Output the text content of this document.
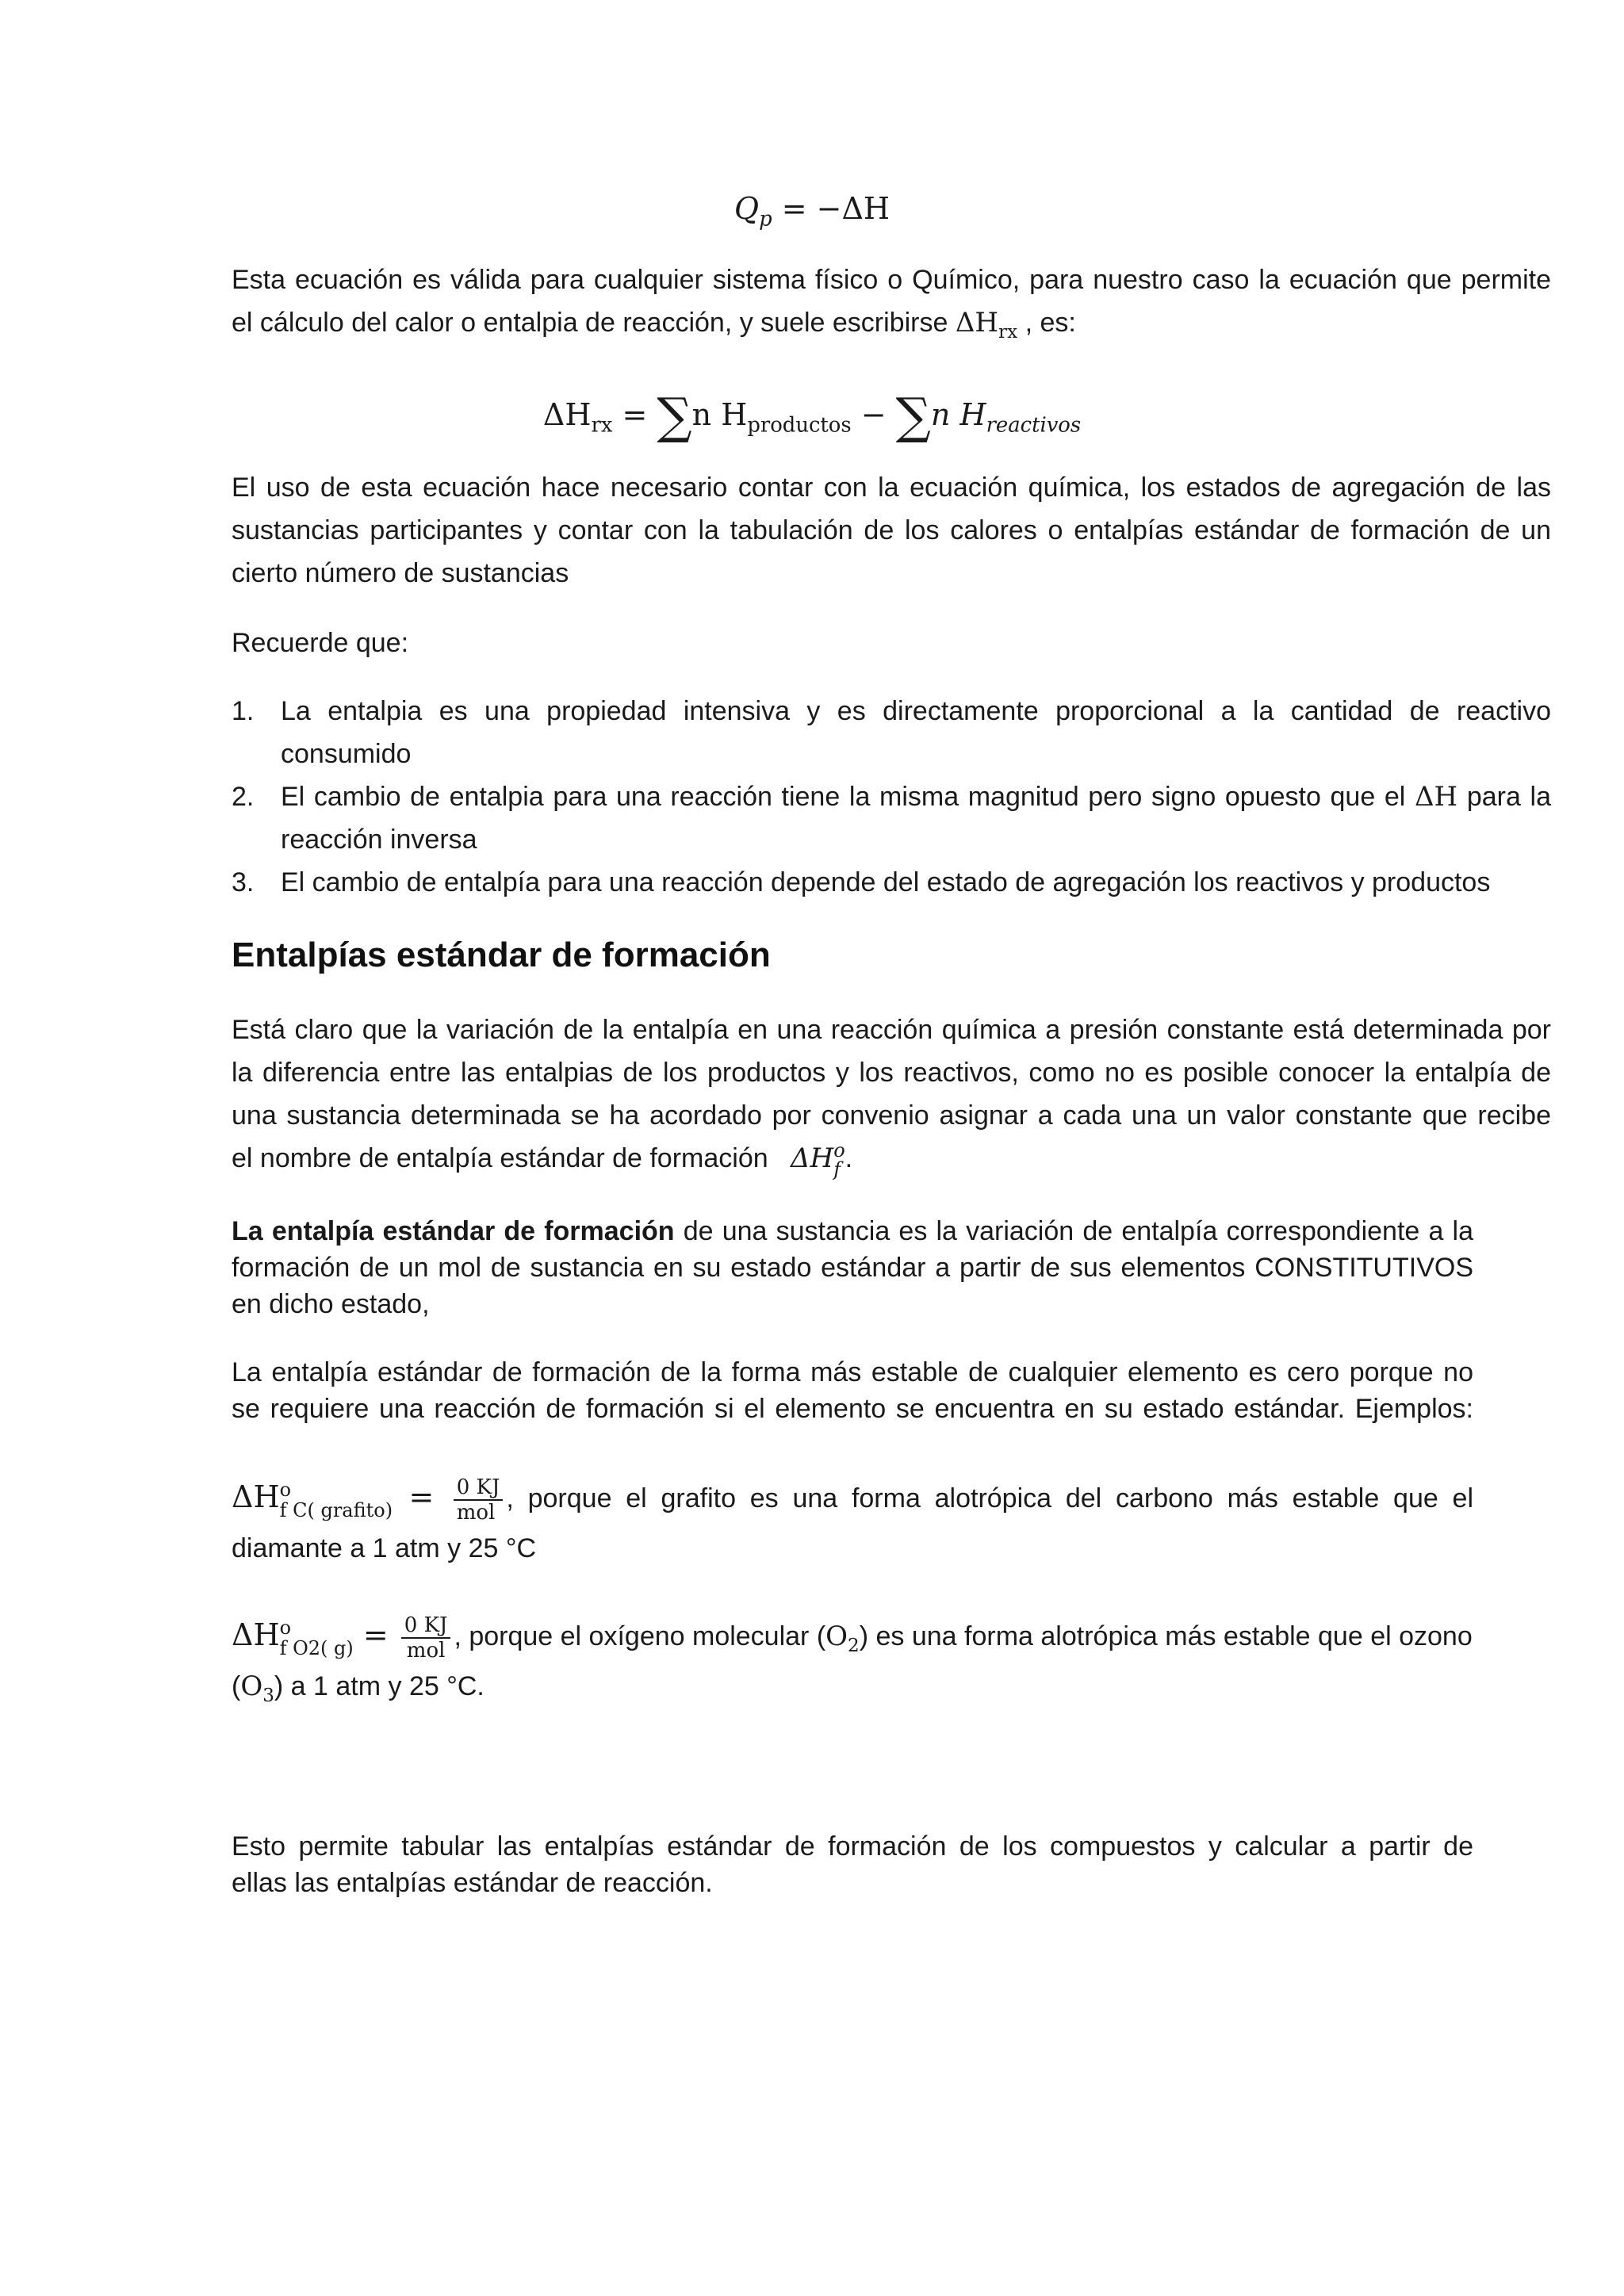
$Q_p = -\Delta H$
Esta ecuación es válida para cualquier sistema físico o Químico, para nuestro caso la ecuación que permite
el cálculo del calor o entalpia de reacción, y suele escribirse $\Delta H_{rx}$ , es:
$\Delta H_{rx} = \sum n$ $H_{productos} - \sum n$ $H_{reactivos}$
El uso de esta ecuación hace necesario contar con la ecuación química, los estados de agregación de las
sustancias participantes y contar con la tabulación de los calores o entalpías estándar de formación de un
cierto número de sustancias
Recuerde que:
1. La entalpia es una propiedad intensiva y es directamente proporcional a la cantidad de reactivo consumido
2. El cambio de entalpia para una reacción tiene la misma magnitud pero signo opuesto que el ΔH para la reacción inversa
3. El cambio de entalpía para una reacción depende del estado de agregación los reactivos y productos
Entalpías estándar de formación
Está claro que la variación de la entalpía en una reacción química a presión constante está determinada por
la diferencia entre las entalpias de los productos y los reactivos, como no es posible conocer la entalpía de
una sustancia determinada se ha acordado por convenio asignar a cada una un valor constante que recibe
el nombre de entalpía estándar de formación ΔH o
f .
La entalpía estándar de formación de una sustancia es la variación de entalpía correspondiente a la
formación de un mol de sustancia en su estado estándar a partir de sus elementos CONSTITUTIVOS
en dicho estado,
La entalpía estándar de formación de la forma más estable de cualquier elemento es cero porque no
se requiere una reacción de formación si el elemento se encuentra en su estado estándar. Ejemplos:
ΔH o
f C( grafito) = $\frac{0 KJ}{\text{mol}}$ , porque el grafito es una forma alotrópica del carbono más estable que el
diamante a 1 atm y 25 °C
ΔH o
f O2( $g) = \frac{0 KJ}{\text{mol}}$ , porque el oxígeno molecular $(O_2)$ es una forma alotrópica más estable que el ozono
$(O_3)$ a 1 atm y 25 °C.
Esto permite tabular las entalpías estándar de formación de los compuestos y calcular a partir de
ellas las entalpías estándar de reacción.
